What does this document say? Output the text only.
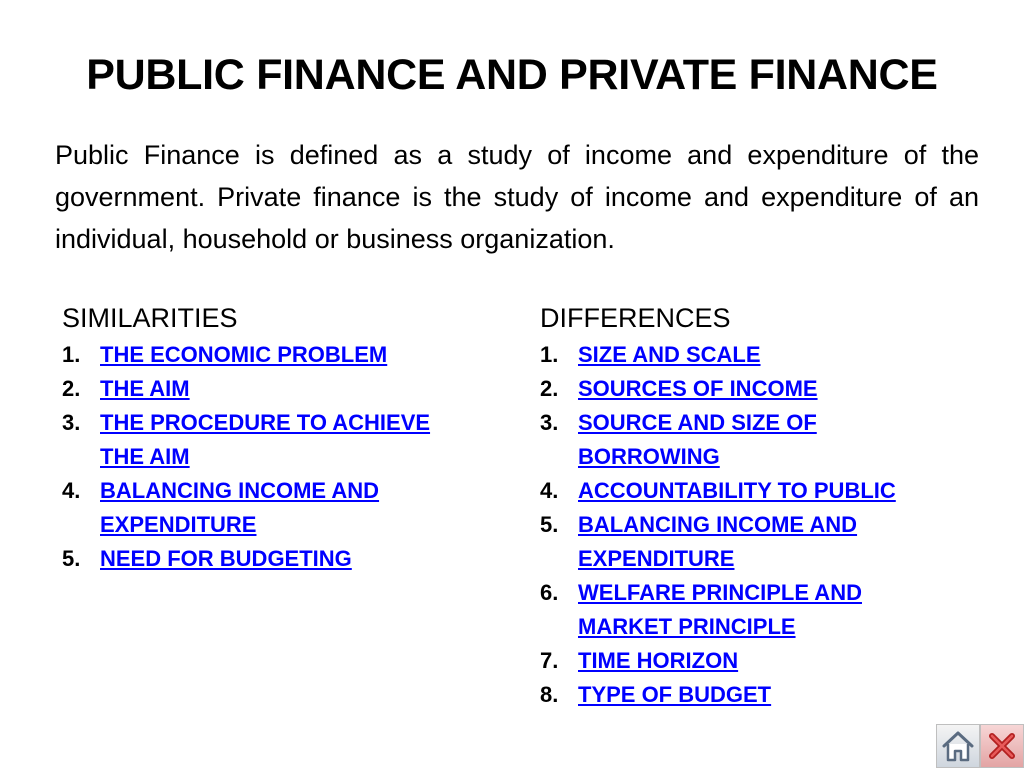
PUBLIC FINANCE AND PRIVATE FINANCE

Public Finance is defined as a study of income and expenditure of the government. Private finance is the study of income and expenditure of an individual, household or business organization.

SIMILARITIES
1. THE ECONOMIC PROBLEM
2. THE AIM
3. THE PROCEDURE TO ACHIEVE THE AIM
4. BALANCING INCOME AND EXPENDITURE
5. NEED FOR BUDGETING
DIFFERENCES
1. SIZE AND SCALE
2. SOURCES OF INCOME
3. SOURCE AND SIZE OF BORROWING
4. ACCOUNTABILITY TO PUBLIC
5. BALANCING INCOME AND EXPENDITURE
6. WELFARE PRINCIPLE AND MARKET PRINCIPLE
7. TIME HORIZON
8. TYPE OF BUDGET
